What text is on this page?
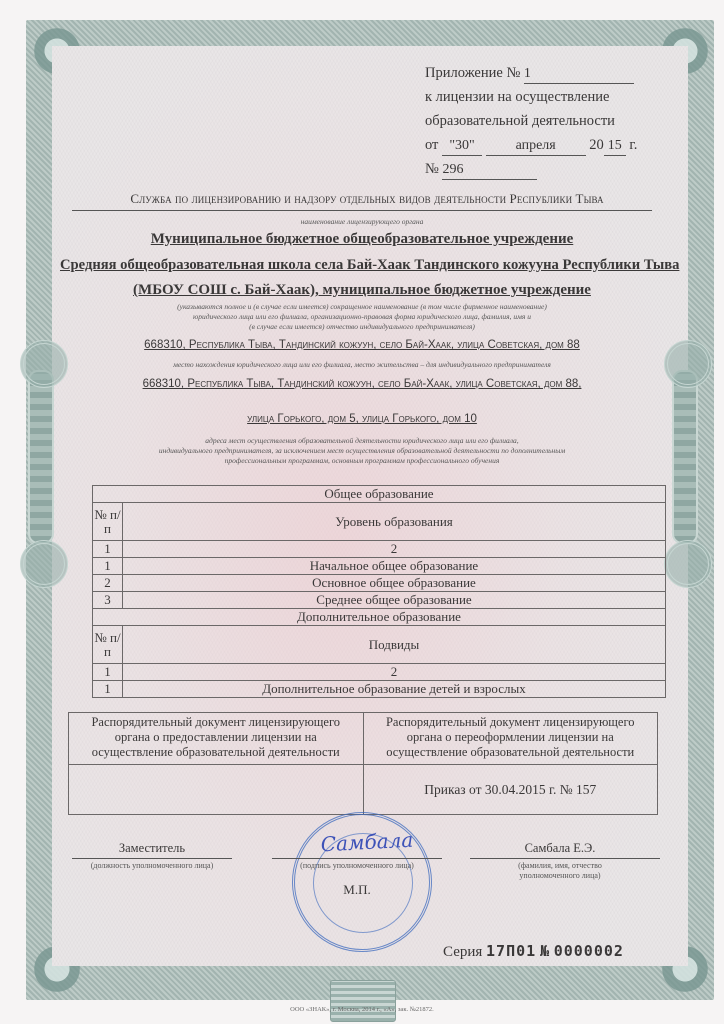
Приложение № 1
к лицензии на осуществление
образовательной деятельности
от "30"	апреля 20 15 г.
№ 296
Служба по лицензированию и надзору отдельных видов деятельности Республики Тыва
наименование лицензирующего органа
Муниципальное бюджетное общеобразовательное учреждение
Средняя общеобразовательная школа села Бай-Хаак Тандинского кожууна Республики Тыва
(МБОУ СОШ с. Бай-Хаак), муниципальное бюджетное учреждение
(указываются полное и (в случае если имеется) сокращенное наименование (в том числе фирменное наименование)
юридического лица или его филиала, организационно-правовая форма юридического лица, фамилия, имя и
(в случае если имеется) отчество индивидуального предпринимателя)
668310, Республика Тыва, Тандинский кожуун, село Бай-Хаак, улица Советская, дом 88
место нахождения юридического лица или его филиала, место жительства – для индивидуального предпринимателя
668310, Республика Тыва, Тандинский кожуун, село Бай-Хаак, улица Советская, дом 88,
улица Горького, дом 5, улица Горького, дом 10
адреса мест осуществления образовательной деятельности юридического лица или его филиала,
индивидуального предпринимателя, за исключением мест осуществления образовательной деятельности по дополнительным
профессиональным программам, основным программам профессионального обучения
Общее образование	
№ п/п	Уровень образования
1	2
1	Начальное общее образование
2	Основное общее образование
3	Среднее общее образование
Дополнительное образование	
№ п/п	Подвиды
1	2
1	Дополнительное образование детей и взрослых
Распорядительный документ лицензирующего органа о предоставлении лицензии на осуществление образовательной деятельности	Распорядительный документ лицензирующего органа о переоформлении лицензии на осуществление образовательной деятельности
	Приказ от 30.04.2015 г. № 157
Заместитель
(должность уполномоченного лица)
Самбала
(подпись уполномоченного лица)
М.П.
Самбала Е.Э.
(фамилия, имя, отчество уполномоченного лица)
Серия 17П01 № 0000002
ООО «ЗНАК», г. Москва, 2014 г., «А», зак. №21872.
